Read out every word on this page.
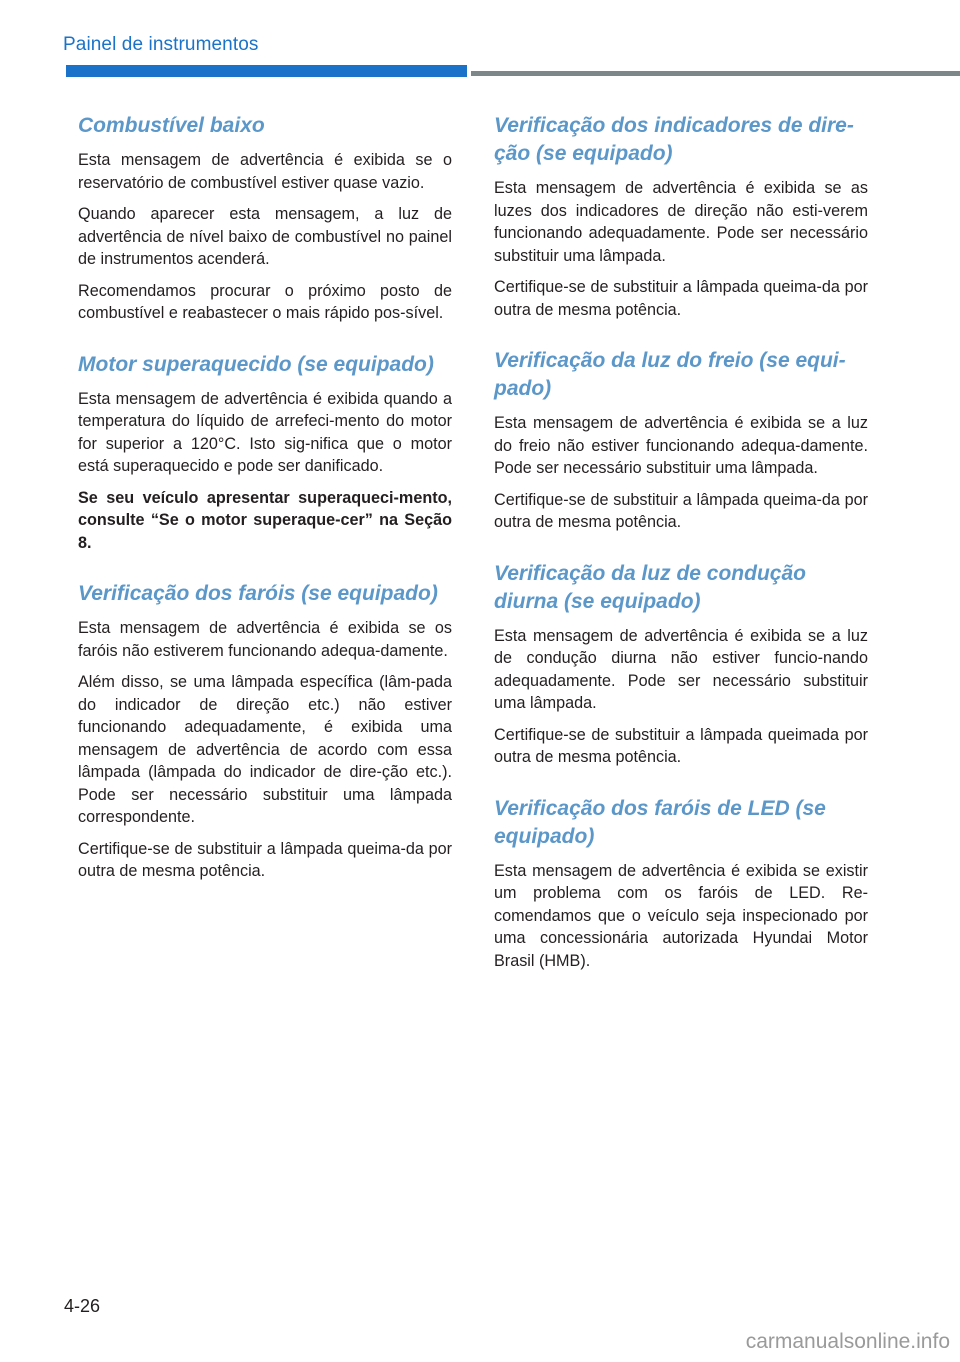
Painel de instrumentos
Combustível baixo

Esta mensagem de advertência é exibida se o reservatório de combustível estiver quase vazio.

Quando aparecer esta mensagem, a luz de advertência de nível baixo de combustível no painel de instrumentos acenderá.

Recomendamos procurar o próximo posto de combustível e reabastecer o mais rápido pos-sível.

Motor superaquecido (se equipado)

Esta mensagem de advertência é exibida quando a temperatura do líquido de arrefeci-mento do motor for superior a 120°C. Isto sig-nifica que o motor está superaquecido e pode ser danificado.

Se seu veículo apresentar superaqueci-mento, consulte “Se o motor superaque-cer” na Seção 8.

Verificação dos faróis (se equipado)

Esta mensagem de advertência é exibida se os faróis não estiverem funcionando adequa-damente.

Além disso, se uma lâmpada específica (lâm-pada do indicador de direção etc.) não estiver funcionando adequadamente, é exibida uma mensagem de advertência de acordo com essa lâmpada (lâmpada do indicador de dire-ção etc.). Pode ser necessário substituir uma lâmpada correspondente.

Certifique-se de substituir a lâmpada queima-da por outra de mesma potência.

Verificação dos indicadores de dire-ção (se equipado)

Esta mensagem de advertência é exibida se as luzes dos indicadores de direção não esti-verem funcionando adequadamente. Pode ser necessário substituir uma lâmpada.

Certifique-se de substituir a lâmpada queima-da por outra de mesma potência.

Verificação da luz do freio (se equi-pado)

Esta mensagem de advertência é exibida se a luz do freio não estiver funcionando adequa-damente. Pode ser necessário substituir uma lâmpada.

Certifique-se de substituir a lâmpada queima-da por outra de mesma potência.

Verificação da luz de condução diurna (se equipado)

Esta mensagem de advertência é exibida se a luz de condução diurna não estiver funcio-nando adequadamente. Pode ser necessário substituir uma lâmpada.

Certifique-se de substituir a lâmpada queimada por outra de mesma potência.

Verificação dos faróis de LED (se equipado)

Esta mensagem de advertência é exibida se existir um problema com os faróis de LED. Re-comendamos que o veículo seja inspecionado por uma concessionária autorizada Hyundai Motor Brasil (HMB).

4-26
carmanualsonline.info
